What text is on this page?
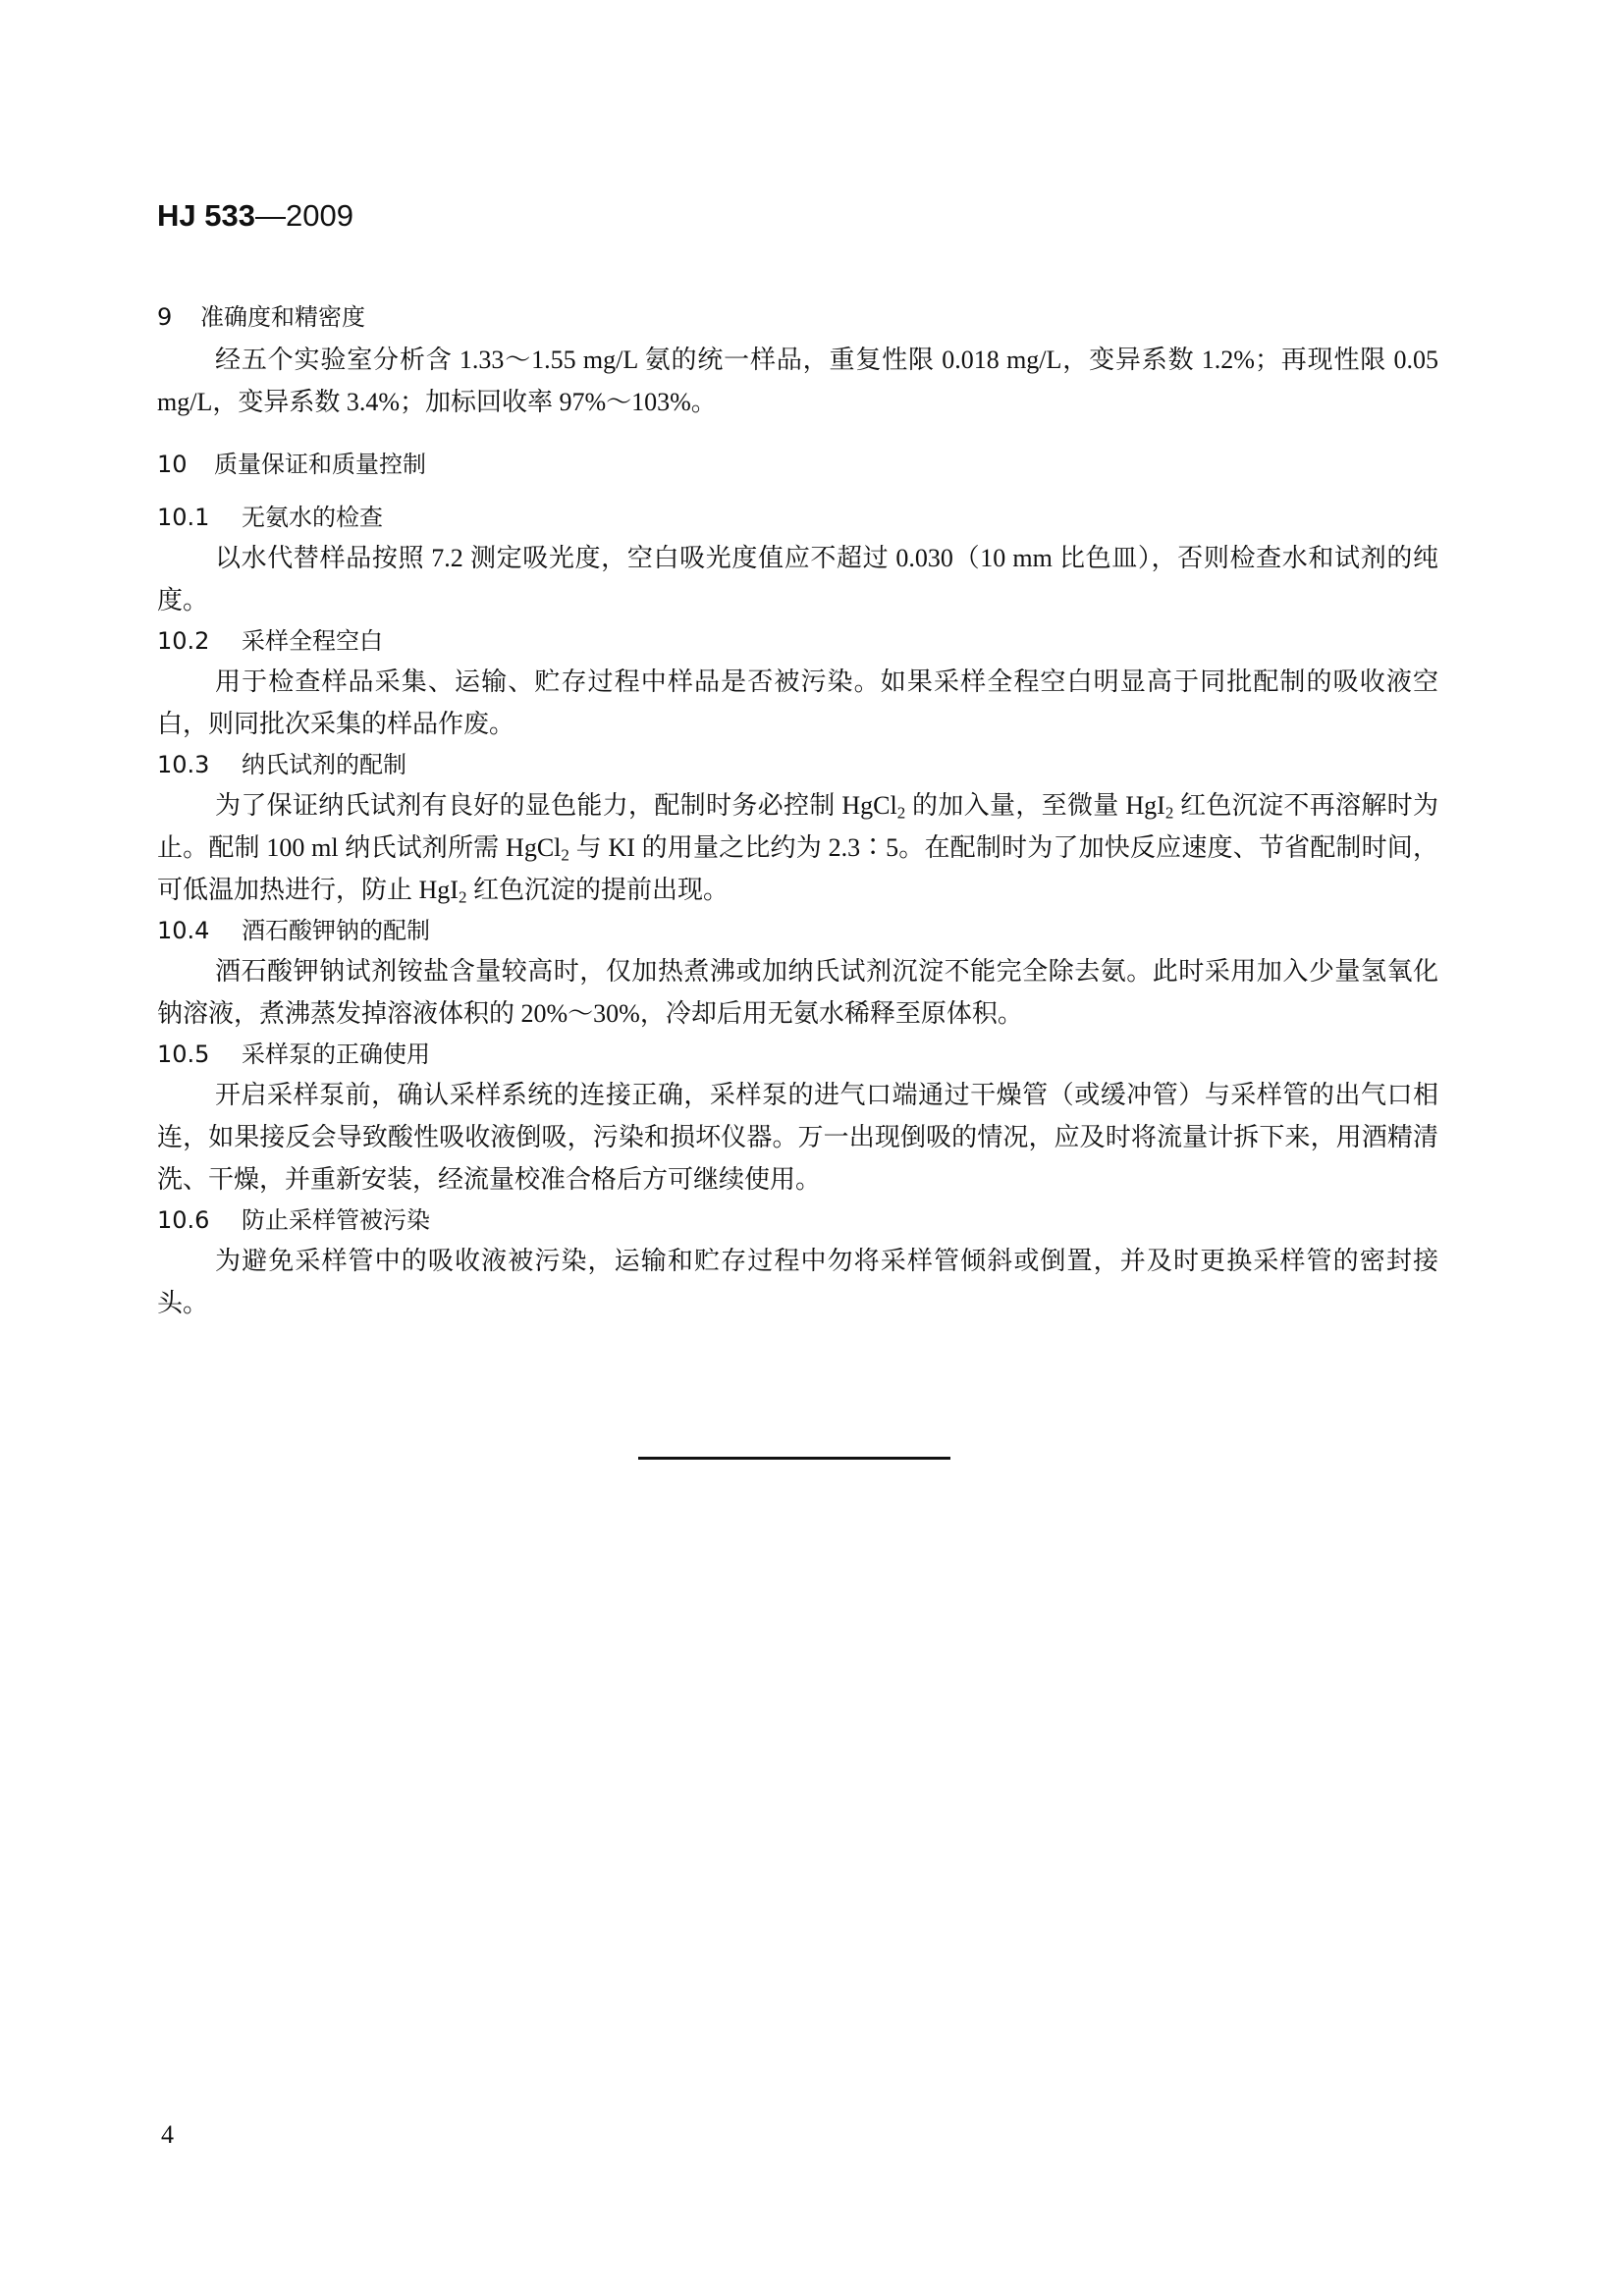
HJ 533—2009
9 准确度和精密度

经五个实验室分析含 1.33～1.55 mg/L 氨的统一样品，重复性限 0.018 mg/L，变异系数 1.2%；再现性限 0.05 mg/L，变异系数 3.4%；加标回收率 97%～103%。

10 质量保证和质量控制
10.1 无氨水的检查

以水代替样品按照 7.2 测定吸光度，空白吸光度值应不超过 0.030（10 mm 比色皿），否则检查水和试剂的纯度。

10.2 采样全程空白

用于检查样品采集、运输、贮存过程中样品是否被污染。如果采样全程空白明显高于同批配制的吸收液空白，则同批次采集的样品作废。

10.3 纳氏试剂的配制

为了保证纳氏试剂有良好的显色能力，配制时务必控制 HgCl$_2$ 的加入量，至微量 HgI$_2$ 红色沉淀不再溶解时为止。配制 100 ml 纳氏试剂所需 HgCl$_2$ 与 KI 的用量之比约为 2.3∶5。在配制时为了加快反应速度、节省配制时间，可低温加热进行，防止 HgI$_2$ 红色沉淀的提前出现。

10.4 酒石酸钾钠的配制

酒石酸钾钠试剂铵盐含量较高时，仅加热煮沸或加纳氏试剂沉淀不能完全除去氨。此时采用加入少量氢氧化钠溶液，煮沸蒸发掉溶液体积的 20%～30%，冷却后用无氨水稀释至原体积。

10.5 采样泵的正确使用

开启采样泵前，确认采样系统的连接正确，采样泵的进气口端通过干燥管（或缓冲管）与采样管的出气口相连，如果接反会导致酸性吸收液倒吸，污染和损坏仪器。万一出现倒吸的情况，应及时将流量计拆下来，用酒精清洗、干燥，并重新安装，经流量校准合格后方可继续使用。

10.6 防止采样管被污染

为避免采样管中的吸收液被污染，运输和贮存过程中勿将采样管倾斜或倒置，并及时更换采样管的密封接头。

4
